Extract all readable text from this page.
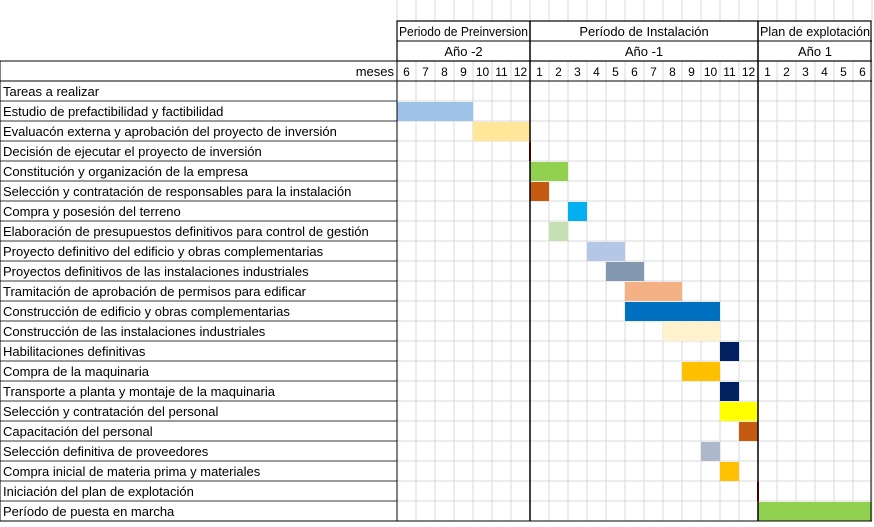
Periodo de Preinversion	Período de Instalación	Plan de explotación
Año -2	Año -1	Año 1
meses 6 7 8 9 10 11 12 1 2 3 4 5 6 7 8 9 10 11 12 1 2 3 4 5 6
Tareas a realizar
Estudio de prefactibilidad y factibilidad
Evaluacón externa y aprobación del proyecto de inversión
Decisión de ejecutar el proyecto de inversión
Constitución y organización de la empresa
Selección y contratación de responsables para la instalación
Compra y posesión del terreno
Elaboración de presupuestos definitivos para control de gestión
Proyecto definitivo del edificio y obras complementarias
Proyectos definitivos de las instalaciones industriales
Tramitación de aprobación de permisos para edificar
Construcción de edificio y obras complementarias
Construcción de las instalaciones industriales
Habilitaciones definitivas
Compra de la maquinaria
Transporte a planta y montaje de la maquinaria
Selección y contratación del personal
Capacitación del personal
Selección definitiva de proveedores
Compra inicial de materia prima y materiales
Iniciación del plan de explotación
Período de puesta en marcha
